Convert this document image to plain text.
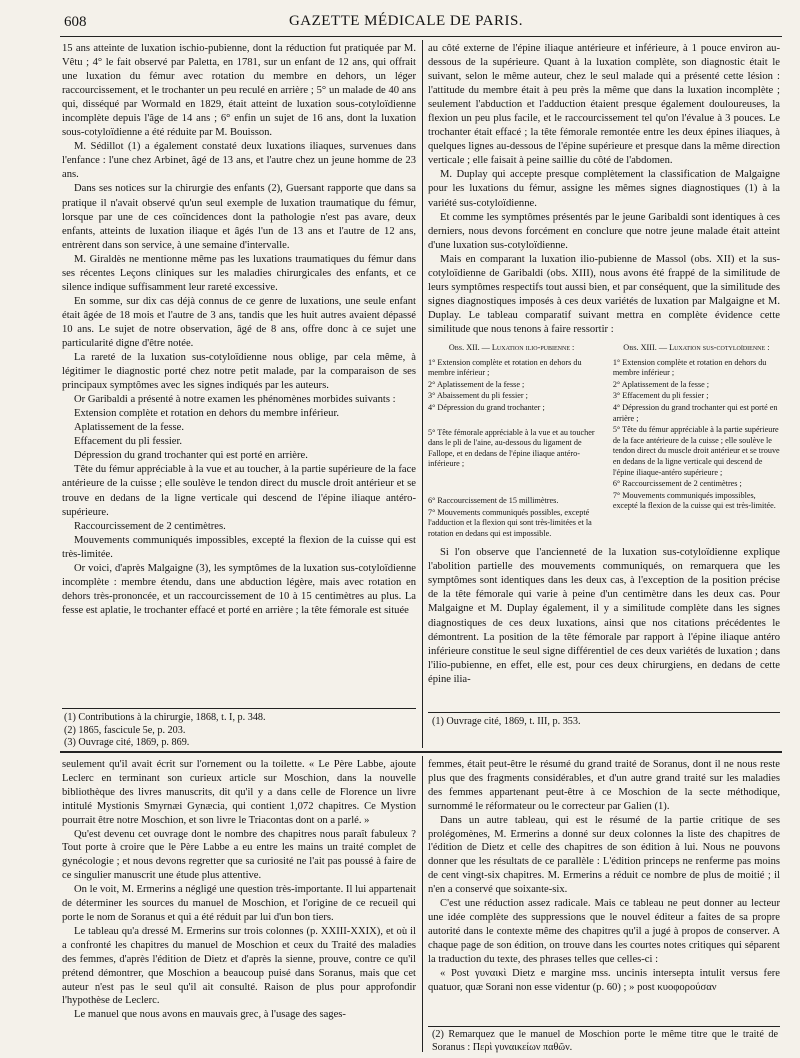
608	GAZETTE MÉDICALE DE PARIS.

15 ans atteinte de luxation ischio-pubienne, dont la réduction fut pratiquée par M. Vêtu ; 4° le fait observé par Paletta, en 1781, sur un enfant de 12 ans, qui offrait une luxation du fémur avec rotation du membre en dehors, un léger raccourcissement, et le trochanter un peu reculé en arrière ; 5° un malade de 40 ans qui, disséqué par Wormald en 1829, était atteint de luxation sous-cotyloïdienne incomplète depuis l'âge de 14 ans ; 6° enfin un sujet de 16 ans, dont la luxation sous-cotyloïdienne a été réduite par M. Bouisson.

M. Sédillot (1) a également constaté deux luxations iliaques, survenues dans l'enfance : l'une chez Arbinet, âgé de 13 ans, et l'autre chez un jeune homme de 23 ans.

Dans ses notices sur la chirurgie des enfants (2), Guersant rapporte que dans sa pratique il n'avait observé qu'un seul exemple de luxation traumatique du fémur, lorsque par une de ces coïncidences dont la pathologie n'est pas avare, deux enfants, atteints de luxation iliaque et âgés l'un de 13 ans et l'autre de 12 ans, entrèrent dans son service, à une semaine d'intervalle.

M. Giraldès ne mentionne même pas les luxations traumatiques du fémur dans ses récentes Leçons cliniques sur les maladies chirurgicales des enfants, et ce silence indique suffisamment leur rareté excessive.

En somme, sur dix cas déjà connus de ce genre de luxations, une seule enfant était âgée de 18 mois et l'autre de 3 ans, tandis que les huit autres avaient dépassé 10 ans. Le sujet de notre observation, âgé de 8 ans, offre donc à ce sujet une particularité digne d'être notée.

La rareté de la luxation sus-cotyloïdienne nous oblige, par cela même, à légitimer le diagnostic porté chez notre petit malade, par la comparaison de ses principaux symptômes avec les signes indiqués par les auteurs.

Or Garibaldi a présenté à notre examen les phénomènes morbides suivants :

Extension complète et rotation en dehors du membre inférieur.

Aplatissement de la fesse.

Effacement du pli fessier.

Dépression du grand trochanter qui est porté en arrière.

Tête du fémur appréciable à la vue et au toucher, à la partie supérieure de la face antérieure de la cuisse ; elle soulève le tendon direct du muscle droit antérieur et se trouve en dedans de la ligne verticale qui descend de l'épine iliaque antéro-supérieure.

Raccourcissement de 2 centimètres.

Mouvements communiqués impossibles, excepté la flexion de la cuisse qui est très-limitée.

Or voici, d'après Malgaigne (3), les symptômes de la luxation sus-cotyloïdienne incomplète : membre étendu, dans une abduction légère, mais avec rotation en dehors très-prononcée, et un raccourcissement de 10 à 15 centimètres au plus. La fesse est aplatie, le trochanter effacé et porté en arrière ; la tête fémorale est située

(1) Contributions à la chirurgie, 1868, t. I, p. 348.

(2) 1865, fascicule 5e, p. 203.

(3) Ouvrage cité, 1869, p. 869.

au côté externe de l'épine iliaque antérieure et inférieure, à 1 pouce environ au-dessous de la supérieure. Quant à la luxation complète, son diagnostic était le suivant, selon le même auteur, chez le seul malade qui a présenté cette lésion : l'attitude du membre était à peu près la même que dans la luxation incomplète ; seulement l'abduction et l'adduction étaient presque également douloureuses, la flexion un peu plus facile, et le raccourcissement tel qu'on l'évalue à 3 pouces. Le trochanter était effacé ; la tête fémorale remontée entre les deux épines iliaques, à quelques lignes au-dessous de l'épine supérieure et presque dans la même direction verticale ; elle faisait à peine saillie du côté de l'abdomen.

M. Duplay qui accepte presque complètement la classification de Malgaigne pour les luxations du fémur, assigne les mêmes signes diagnostiques (1) à la variété sus-cotyloïdienne.

Et comme les symptômes présentés par le jeune Garibaldi sont identiques à ces derniers, nous devons forcément en conclure que notre jeune malade était atteint d'une luxation sus-cotyloïdienne.

Mais en comparant la luxation ilio-pubienne de Massol (obs. XII) et la sus-cotyloïdienne de Garibaldi (obs. XIII), nous avons été frappé de la similitude de leurs symptômes respectifs tout aussi bien, et par conséquent, que la similitude des signes diagnostiques imposés à ces deux variétés de luxation par Malgaigne et M. Duplay. Le tableau comparatif suivant mettra en complète évidence cette similitude que nous tenons à faire ressortir :

Obs. XII. — Luxation ilio-pubienne :

1° Extension complète et rotation en dehors du membre inférieur ;

2° Aplatissement de la fesse ;

3° Abaissement du pli fessier ;

4° Dépression du grand trochanter ;

5° Tête fémorale appréciable à la vue et au toucher dans le pli de l'aine, au-dessous du ligament de Fallope, et en dedans de l'épine iliaque antéro-inférieure ;

6° Raccourcissement de 15 millimètres.

7° Mouvements communiqués possibles, excepté l'adduction et la flexion qui sont très-limitées et la rotation en dedans qui est impossible.

Obs. XIII. — Luxation sus-cotyloïdienne :

1° Extension complète et rotation en dehors du membre inférieur ;

2° Aplatissement de la fesse ;

3° Effacement du pli fessier ;

4° Dépression du grand trochanter qui est porté en arrière ;

5° Tête du fémur appréciable à la partie supérieure de la face antérieure de la cuisse ; elle soulève le tendon direct du muscle droit antérieur et se trouve en dedans de la ligne verticale qui descend de l'épine iliaque-antéro supérieure ;

6° Raccourcissement de 2 centimètres ;

7° Mouvements communiqués impossibles, excepté la flexion de la cuisse qui est très-limitée.

Si l'on observe que l'ancienneté de la luxation sus-cotyloïdienne explique l'abolition partielle des mouvements communiqués, on remarquera que les symptômes sont identiques dans les deux cas, à l'exception de la position précise de la tête fémorale qui varie à peine d'un centimètre dans les deux cas. Pour Malgaigne et M. Duplay également, il y a similitude complète dans les signes diagnostiques de ces deux luxations, ainsi que nos citations précédentes le démontrent. La position de la tête fémorale par rapport à l'épine iliaque antéro inférieure constitue le seul signe différentiel de ces deux variétés de luxation ; dans l'ilio-pubienne, en effet, elle est, pour ces deux chirurgiens, en dedans de cette épine ilia-

(1) Ouvrage cité, 1869, t. III, p. 353.

seulement qu'il avait écrit sur l'ornement ou la toilette. « Le Père Labbe, ajoute Leclerc en terminant son curieux article sur Moschion, dans la nouvelle bibliothèque des livres manuscrits, dit qu'il y a dans celle de Florence un livre intitulé Mystionis Smyrnæi Gynæcia, qui contient 1,072 chapitres. Ce Mystion pourrait être notre Moschion, et son livre le Triacontas dont on a parlé. »

Qu'est devenu cet ouvrage dont le nombre des chapitres nous paraît fabuleux ? Tout porte à croire que le Père Labbe a eu entre les mains un traité complet de gynécologie ; et nous devons regretter que sa curiosité ne l'ait pas poussé à faire de ce singulier manuscrit une étude plus attentive.

On le voit, M. Ermerins a négligé une question très-importante. Il lui appartenait de déterminer les sources du manuel de Moschion, et l'origine de ce recueil qui porte le nom de Soranus et qui a été réduit par lui d'un bon tiers.

Le tableau qu'a dressé M. Ermerins sur trois colonnes (p. XXIII-XXIX), et où il a confronté les chapitres du manuel de Moschion et ceux du Traité des maladies des femmes, d'après l'édition de Dietz et d'après la sienne, prouve, contre ce qu'il prétend démontrer, que Moschion a beaucoup puisé dans Soranus, mais que cet auteur n'est pas le seul qu'il ait consulté. Raison de plus pour approfondir l'hypothèse de Leclerc.

Le manuel que nous avons en mauvais grec, à l'usage des sages-

femmes, était peut-être le résumé du grand traité de Soranus, dont il ne nous reste plus que des fragments considérables, et d'un autre grand traité sur les maladies des femmes appartenant peut-être à ce Moschion de la secte méthodique, surnommé le réformateur ou le correcteur par Galien (1).

Dans un autre tableau, qui est le résumé de la partie critique de ses prolégomènes, M. Ermerins a donné sur deux colonnes la liste des chapitres de l'édition de Dietz et celle des chapitres de son édition à lui. Nous ne pouvons donner que les résultats de ce parallèle : L'édition princeps ne renferme pas moins de cent vingt-six chapitres. M. Ermerins a réduit ce nombre de plus de moitié ; il n'en a conservé que soixante-six.

C'est une réduction assez radicale. Mais ce tableau ne peut donner au lecteur une idée complète des suppressions que le nouvel éditeur a faites de sa propre autorité dans le contexte même des chapitres qu'il a jugé à propos de conserver. A chaque page de son édition, on trouve dans les courtes notes critiques qui séparent la traduction du texte, des phrases telles que celles-ci :

« Post γυναικὶ Dietz e margine mss. uncinis intersepta intulit versus fere quatuor, quæ Sorani non esse videntur (p. 60) ; » post κυοφορούσαν

(2) Remarquez que le manuel de Moschion porte le même titre que le traité de Soranus : Περὶ γυναικείων παθῶν.
